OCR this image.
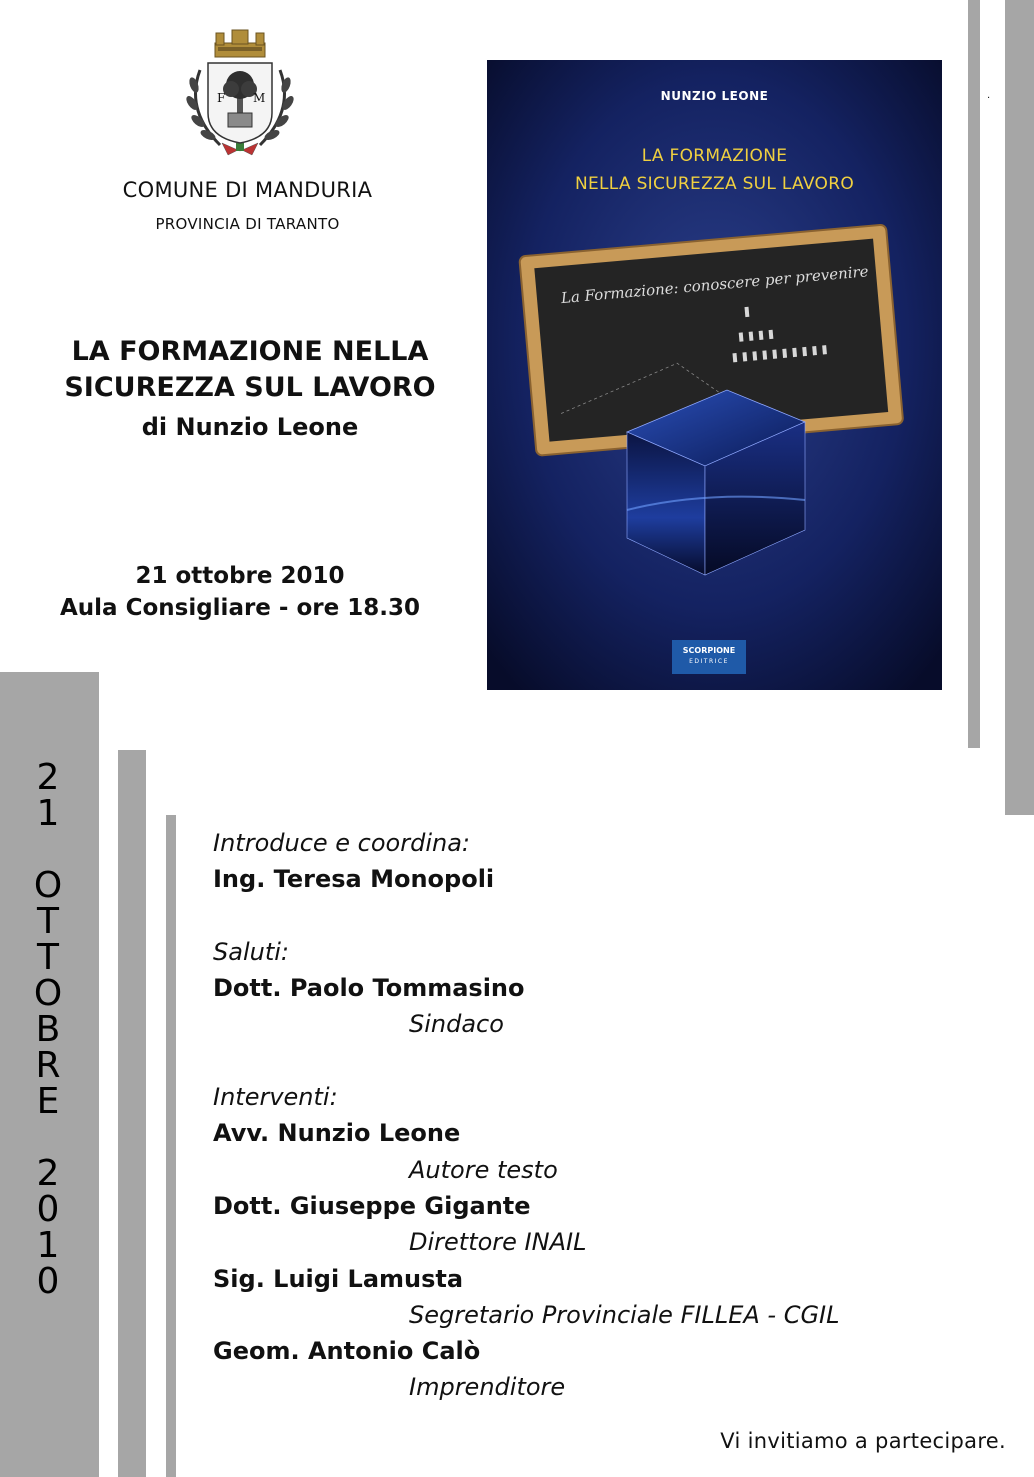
.
F M
COMUNE DI MANDURIA
PROVINCIA DI TARANTO
LA FORMAZIONE NELLA
SICUREZZA SUL LAVORO
di Nunzio Leone
21 ottobre 2010
Aula Consigliare - ore 18.30
La Formazione: conoscere per prevenire
NUNZIO LEONE
LA FORMAZIONE
NELLA SICUREZZA SUL LAVORO
SCORPIONE
EDITRICE
2
1
O
T
T
O
B
R
E
2
0
1
0
Introduce e coordina:
Ing. Teresa Monopoli
Saluti:
Dott. Paolo Tommasino
Sindaco
Interventi:
Avv. Nunzio Leone
Autore testo
Dott. Giuseppe Gigante
Direttore INAIL
Sig. Luigi Lamusta
Segretario Provinciale FILLEA - CGIL
Geom. Antonio Calò
Imprenditore
Vi invitiamo a partecipare.
